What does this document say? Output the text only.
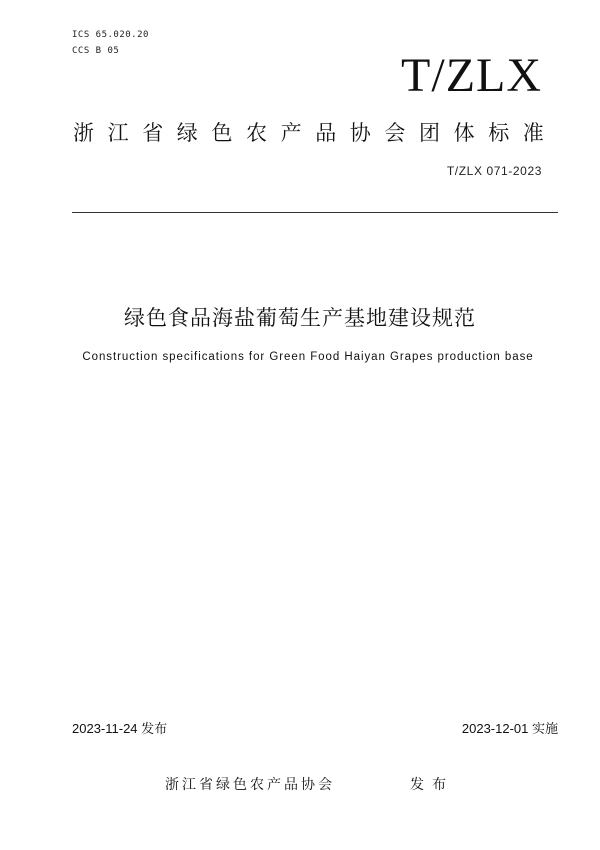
ICS 65.020.20
CCS B 05	T/ZLX
浙江省绿色农产品协会团体标准
T/ZLX 071-2023
绿色食品海盐葡萄生产基地建设规范
Construction specifications for Green Food Haiyan Grapes production base
2023-11-24 发布	2023-12-01 实施
浙江省绿色农产品协会	发布
